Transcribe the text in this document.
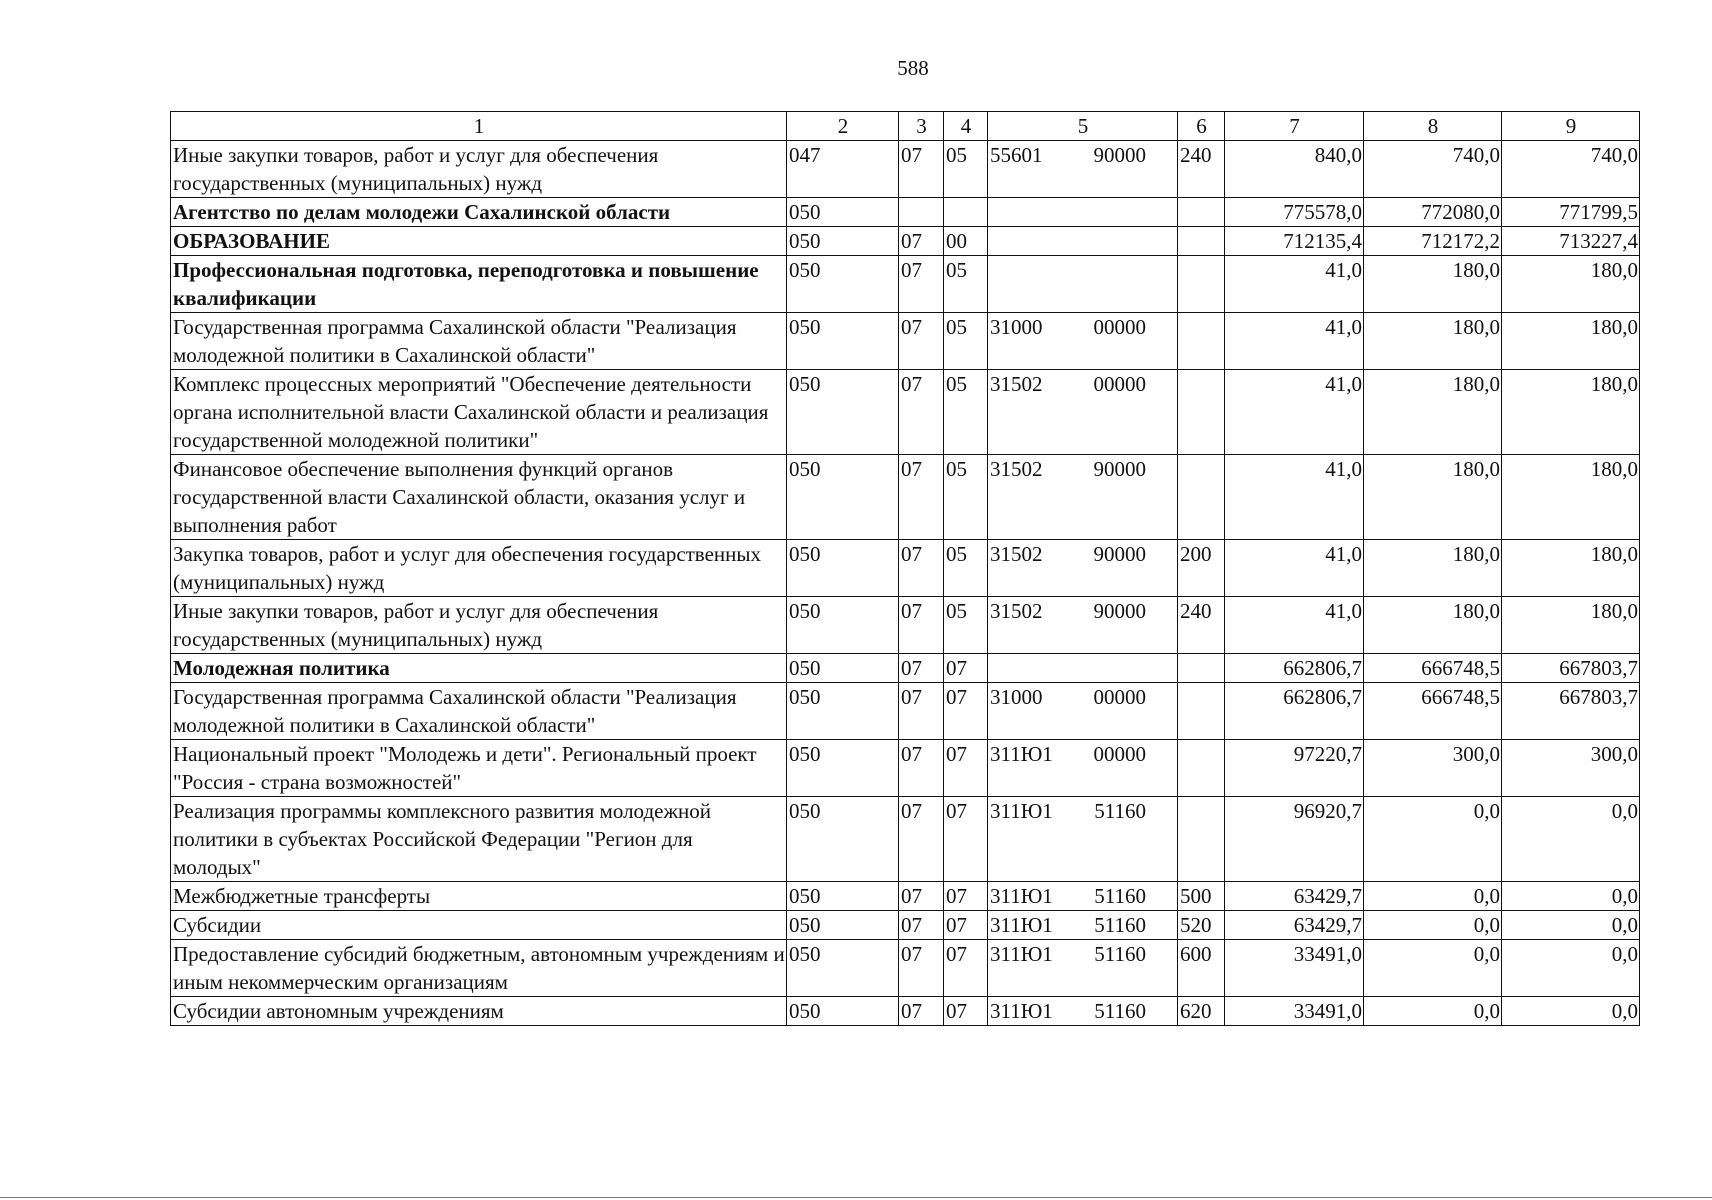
588
1	2	3	4	5	6	7	8	9
Иные закупки товаров, работ и услуг для обеспечения государственных (муниципальных) нужд	047	07	05	55601 90000	240	840,0	740,0	740,0
Агентство по делам молодежи Сахалинской области	050					775578,0	772080,0	771799,5
ОБРАЗОВАНИЕ	050	07	00			712135,4	712172,2	713227,4
Профессиональная подготовка, переподготовка и повышение квалификации	050	07	05			41,0	180,0	180,0
Государственная программа Сахалинской области "Реализация молодежной политики в Сахалинской области"	050	07	05	31000 00000		41,0	180,0	180,0
Комплекс процессных мероприятий "Обеспечение деятельности органа исполнительной власти Сахалинской области и реализация государственной молодежной политики"	050	07	05	31502 00000		41,0	180,0	180,0
Финансовое обеспечение выполнения функций органов государственной власти Сахалинской области, оказания услуг и выполнения работ	050	07	05	31502 90000		41,0	180,0	180,0
Закупка товаров, работ и услуг для обеспечения государственных (муниципальных) нужд	050	07	05	31502 90000	200	41,0	180,0	180,0
Иные закупки товаров, работ и услуг для обеспечения государственных (муниципальных) нужд	050	07	05	31502 90000	240	41,0	180,0	180,0
Молодежная политика	050	07	07			662806,7	666748,5	667803,7
Государственная программа Сахалинской области "Реализация молодежной политики в Сахалинской области"	050	07	07	31000 00000		662806,7	666748,5	667803,7
Национальный проект "Молодежь и дети". Региональный проект "Россия - страна возможностей"	050	07	07	311Ю1 00000		97220,7	300,0	300,0
Реализация программы комплексного развития молодежной политики в субъектах Российской Федерации "Регион для молодых"	050	07	07	311Ю1 51160		96920,7	0,0	0,0
Межбюджетные трансферты	050	07	07	311Ю1 51160	500	63429,7	0,0	0,0
Субсидии	050	07	07	311Ю1 51160	520	63429,7	0,0	0,0
Предоставление субсидий бюджетным, автономным учреждениям и иным некоммерческим организациям	050	07	07	311Ю1 51160	600	33491,0	0,0	0,0
Субсидии автономным учреждениям	050	07	07	311Ю1 51160	620	33491,0	0,0	0,0
